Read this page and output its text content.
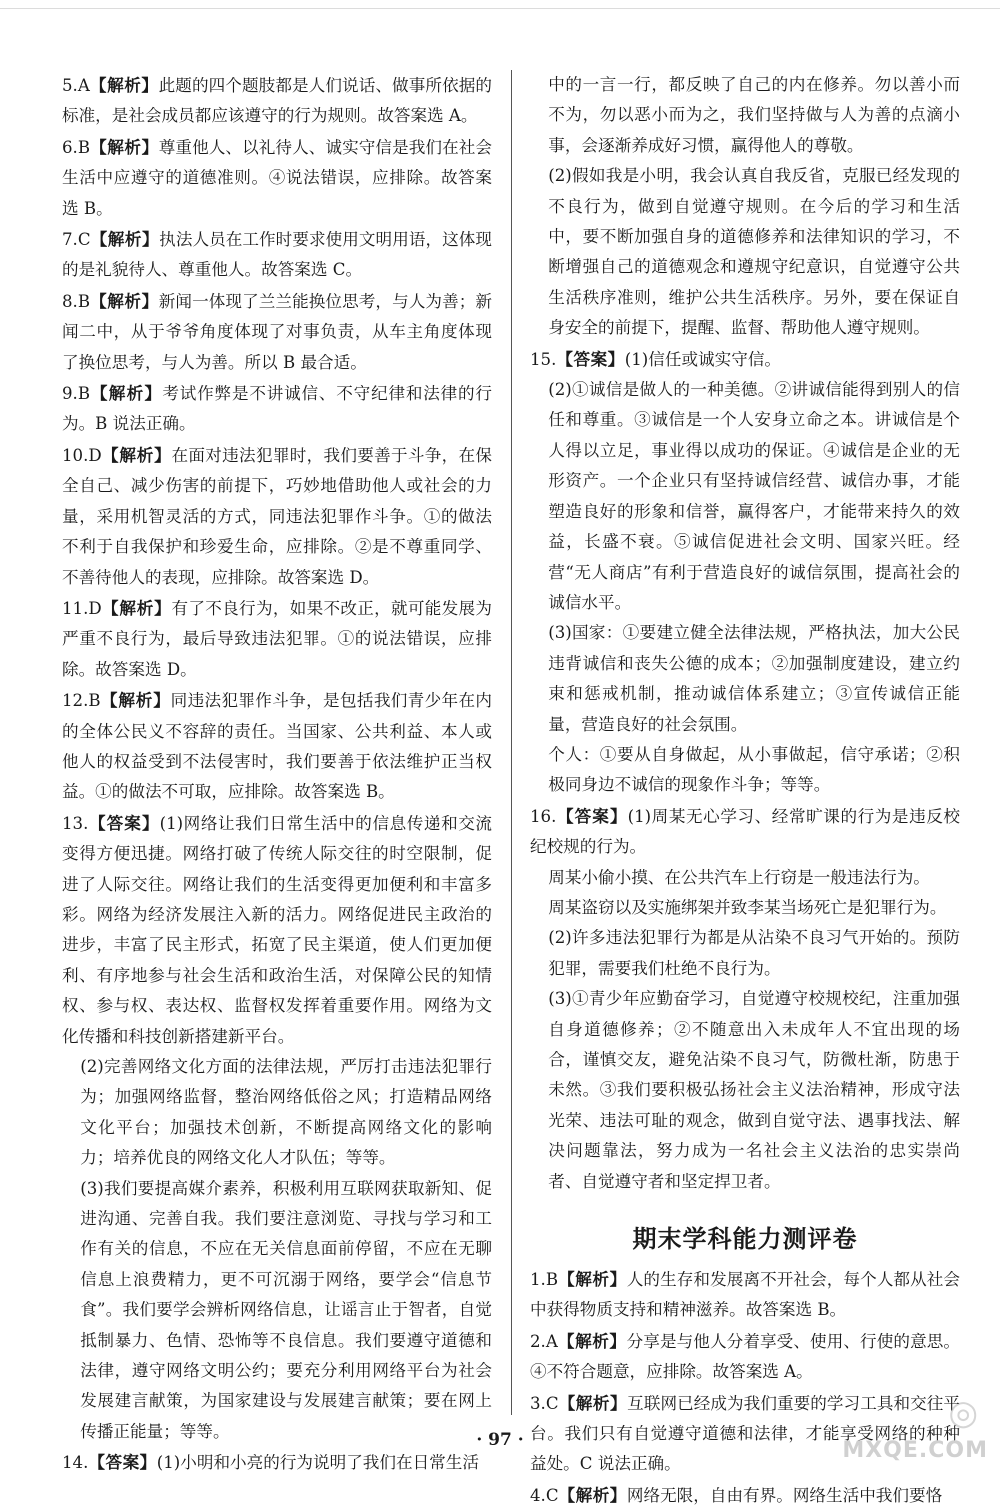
5.A【解析】此题的四个题肢都是人们说话、做事所依据的标准，是社会成员都应该遵守的行为规则。故答案选 A。

6.B【解析】尊重他人、以礼待人、诚实守信是我们在社会生活中应遵守的道德准则。④说法错误，应排除。故答案选 B。

7.C【解析】执法人员在工作时要求使用文明用语，这体现的是礼貌待人、尊重他人。故答案选 C。

8.B【解析】新闻一体现了兰兰能换位思考，与人为善；新闻二中，从于爷爷角度体现了对事负责，从车主角度体现了换位思考，与人为善。所以 B 最合适。

9.B【解析】考试作弊是不讲诚信、不守纪律和法律的行为。B 说法正确。

10.D【解析】在面对违法犯罪时，我们要善于斗争，在保全自己、减少伤害的前提下，巧妙地借助他人或社会的力量，采用机智灵活的方式，同违法犯罪作斗争。①的做法不利于自我保护和珍爱生命，应排除。②是不尊重同学、不善待他人的表现，应排除。故答案选 D。

11.D【解析】有了不良行为，如果不改正，就可能发展为严重不良行为，最后导致违法犯罪。①的说法错误，应排除。故答案选 D。

12.B【解析】同违法犯罪作斗争，是包括我们青少年在内的全体公民义不容辞的责任。当国家、公共利益、本人或他人的权益受到不法侵害时，我们要善于依法维护正当权益。①的做法不可取，应排除。故答案选 B。

13.【答案】(1)网络让我们日常生活中的信息传递和交流变得方便迅捷。网络打破了传统人际交往的时空限制，促进了人际交往。网络让我们的生活变得更加便利和丰富多彩。网络为经济发展注入新的活力。网络促进民主政治的进步，丰富了民主形式，拓宽了民主渠道，使人们更加便利、有序地参与社会生活和政治生活，对保障公民的知情权、参与权、表达权、监督权发挥着重要作用。网络为文化传播和科技创新搭建新平台。

(2)完善网络文化方面的法律法规，严厉打击违法犯罪行为；加强网络监督，整治网络低俗之风；打造精品网络文化平台；加强技术创新，不断提高网络文化的影响力；培养优良的网络文化人才队伍；等等。

(3)我们要提高媒介素养，积极利用互联网获取新知、促进沟通、完善自我。我们要注意浏览、寻找与学习和工作有关的信息，不应在无关信息面前停留，不应在无聊信息上浪费精力，更不可沉溺于网络，要学会“信息节食”。我们要学会辨析网络信息，让谣言止于智者，自觉抵制暴力、色情、恐怖等不良信息。我们要遵守道德和法律，遵守网络文明公约；要充分利用网络平台为社会发展建言献策，为国家建设与发展建言献策；要在网上传播正能量；等等。

14.【答案】(1)小明和小亮的行为说明了我们在日常生活

中的一言一行，都反映了自己的内在修养。勿以善小而不为，勿以恶小而为之，我们坚持做与人为善的点滴小事，会逐渐养成好习惯，赢得他人的尊敬。

(2)假如我是小明，我会认真自我反省，克服已经发现的不良行为，做到自觉遵守规则。在今后的学习和生活中，要不断加强自身的道德修养和法律知识的学习，不断增强自己的道德观念和遵规守纪意识，自觉遵守公共生活秩序准则，维护公共生活秩序。另外，要在保证自身安全的前提下，提醒、监督、帮助他人遵守规则。

15.【答案】(1)信任或诚实守信。

(2)①诚信是做人的一种美德。②讲诚信能得到别人的信任和尊重。③诚信是一个人安身立命之本。讲诚信是个人得以立足，事业得以成功的保证。④诚信是企业的无形资产。一个企业只有坚持诚信经营、诚信办事，才能塑造良好的形象和信誉，赢得客户，才能带来持久的效益，长盛不衰。⑤诚信促进社会文明、国家兴旺。经营“无人商店”有利于营造良好的诚信氛围，提高社会的诚信水平。

(3)国家：①要建立健全法律法规，严格执法，加大公民违背诚信和丧失公德的成本；②加强制度建设，建立约束和惩戒机制，推动诚信体系建立；③宣传诚信正能量，营造良好的社会氛围。

个人：①要从自身做起，从小事做起，信守承诺；②积极同身边不诚信的现象作斗争；等等。

16.【答案】(1)周某无心学习、经常旷课的行为是违反校纪校规的行为。

周某小偷小摸、在公共汽车上行窃是一般违法行为。

周某盗窃以及实施绑架并致李某当场死亡是犯罪行为。

(2)许多违法犯罪行为都是从沾染不良习气开始的。预防犯罪，需要我们杜绝不良行为。

(3)①青少年应勤奋学习，自觉遵守校规校纪，注重加强自身道德修养；②不随意出入未成年人不宜出现的场合，谨慎交友，避免沾染不良习气，防微杜渐，防患于未然。③我们要积极弘扬社会主义法治精神，形成守法光荣、违法可耻的观念，做到自觉守法、遇事找法、解决问题靠法，努力成为一名社会主义法治的忠实崇尚者、自觉遵守者和坚定捍卫者。

期末学科能力测评卷

1.B【解析】人的生存和发展离不开社会，每个人都从社会中获得物质支持和精神滋养。故答案选 B。

2.A【解析】分享是与他人分着享受、使用、行使的意思。④不符合题意，应排除。故答案选 A。

3.C【解析】互联网已经成为我们重要的学习工具和交往平台。我们只有自觉遵守道德和法律，才能享受网络的种种益处。C 说法正确。

4.C【解析】网络无限，自由有界。网络生活中我们要恪

· 97 ·
◎
MXQE.COM
